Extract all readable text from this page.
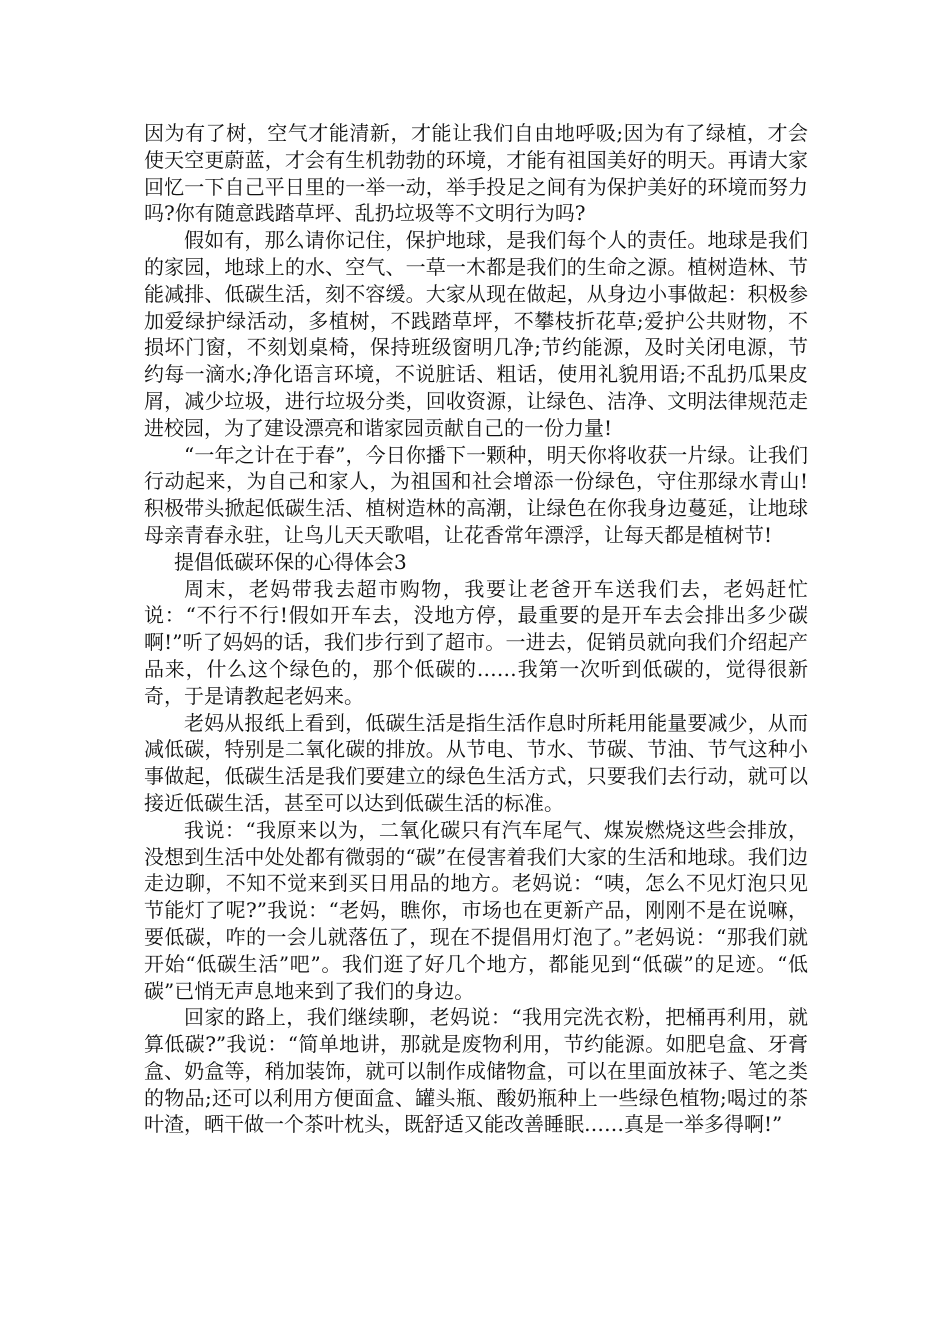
因为有了树，空气才能清新，才能让我们自由地呼吸;因为有了绿植，才会使天空更蔚蓝，才会有生机勃勃的环境，才能有祖国美好的明天。再请大家回忆一下自己平日里的一举一动，举手投足之间有为保护美好的环境而努力吗?你有随意践踏草坪、乱扔垃圾等不文明行为吗?

假如有，那么请你记住，保护地球，是我们每个人的责任。地球是我们的家园，地球上的水、空气、一草一木都是我们的生命之源。植树造林、节能减排、低碳生活，刻不容缓。大家从现在做起，从身边小事做起：积极参加爱绿护绿活动，多植树，不践踏草坪，不攀枝折花草;爱护公共财物，不损坏门窗，不刻划桌椅，保持班级窗明几净;节约能源，及时关闭电源，节约每一滴水;净化语言环境，不说脏话、粗话，使用礼貌用语;不乱扔瓜果皮屑，减少垃圾，进行垃圾分类，回收资源，让绿色、洁净、文明法律规范走进校园，为了建设漂亮和谐家园贡献自己的一份力量!

“一年之计在于春”，今日你播下一颗种，明天你将收获一片绿。让我们行动起来，为自己和家人，为祖国和社会增添一份绿色，守住那绿水青山!积极带头掀起低碳生活、植树造林的高潮，让绿色在你我身边蔓延，让地球母亲青春永驻，让鸟儿天天歌唱，让花香常年漂浮，让每天都是植树节!

提倡低碳环保的心得体会3

周末，老妈带我去超市购物，我要让老爸开车送我们去，老妈赶忙说：“不行不行!假如开车去，没地方停，最重要的是开车去会排出多少碳啊!”听了妈妈的话，我们步行到了超市。一进去，促销员就向我们介绍起产品来，什么这个绿色的，那个低碳的……我第一次听到低碳的，觉得很新奇，于是请教起老妈来。

老妈从报纸上看到，低碳生活是指生活作息时所耗用能量要减少，从而减低碳，特别是二氧化碳的排放。从节电、节水、节碳、节油、节气这种小事做起，低碳生活是我们要建立的绿色生活方式，只要我们去行动，就可以接近低碳生活，甚至可以达到低碳生活的标准。

我说：“我原来以为，二氧化碳只有汽车尾气、煤炭燃烧这些会排放，没想到生活中处处都有微弱的“碳”在侵害着我们大家的生活和地球。我们边走边聊，不知不觉来到买日用品的地方。老妈说：“咦，怎么不见灯泡只见节能灯了呢?”我说：“老妈，瞧你，市场也在更新产品，刚刚不是在说嘛，要低碳，咋的一会儿就落伍了，现在不提倡用灯泡了。”老妈说：“那我们就开始“低碳生活”吧”。我们逛了好几个地方，都能见到“低碳”的足迹。“低碳”已悄无声息地来到了我们的身边。

回家的路上，我们继续聊，老妈说：“我用完洗衣粉，把桶再利用，就算低碳?”我说：“简单地讲，那就是废物利用，节约能源。如肥皂盒、牙膏盒、奶盒等，稍加装饰，就可以制作成储物盒，可以在里面放袜子、笔之类的物品;还可以利用方便面盒、罐头瓶、酸奶瓶种上一些绿色植物;喝过的茶叶渣，晒干做一个茶叶枕头，既舒适又能改善睡眠……真是一举多得啊!”
